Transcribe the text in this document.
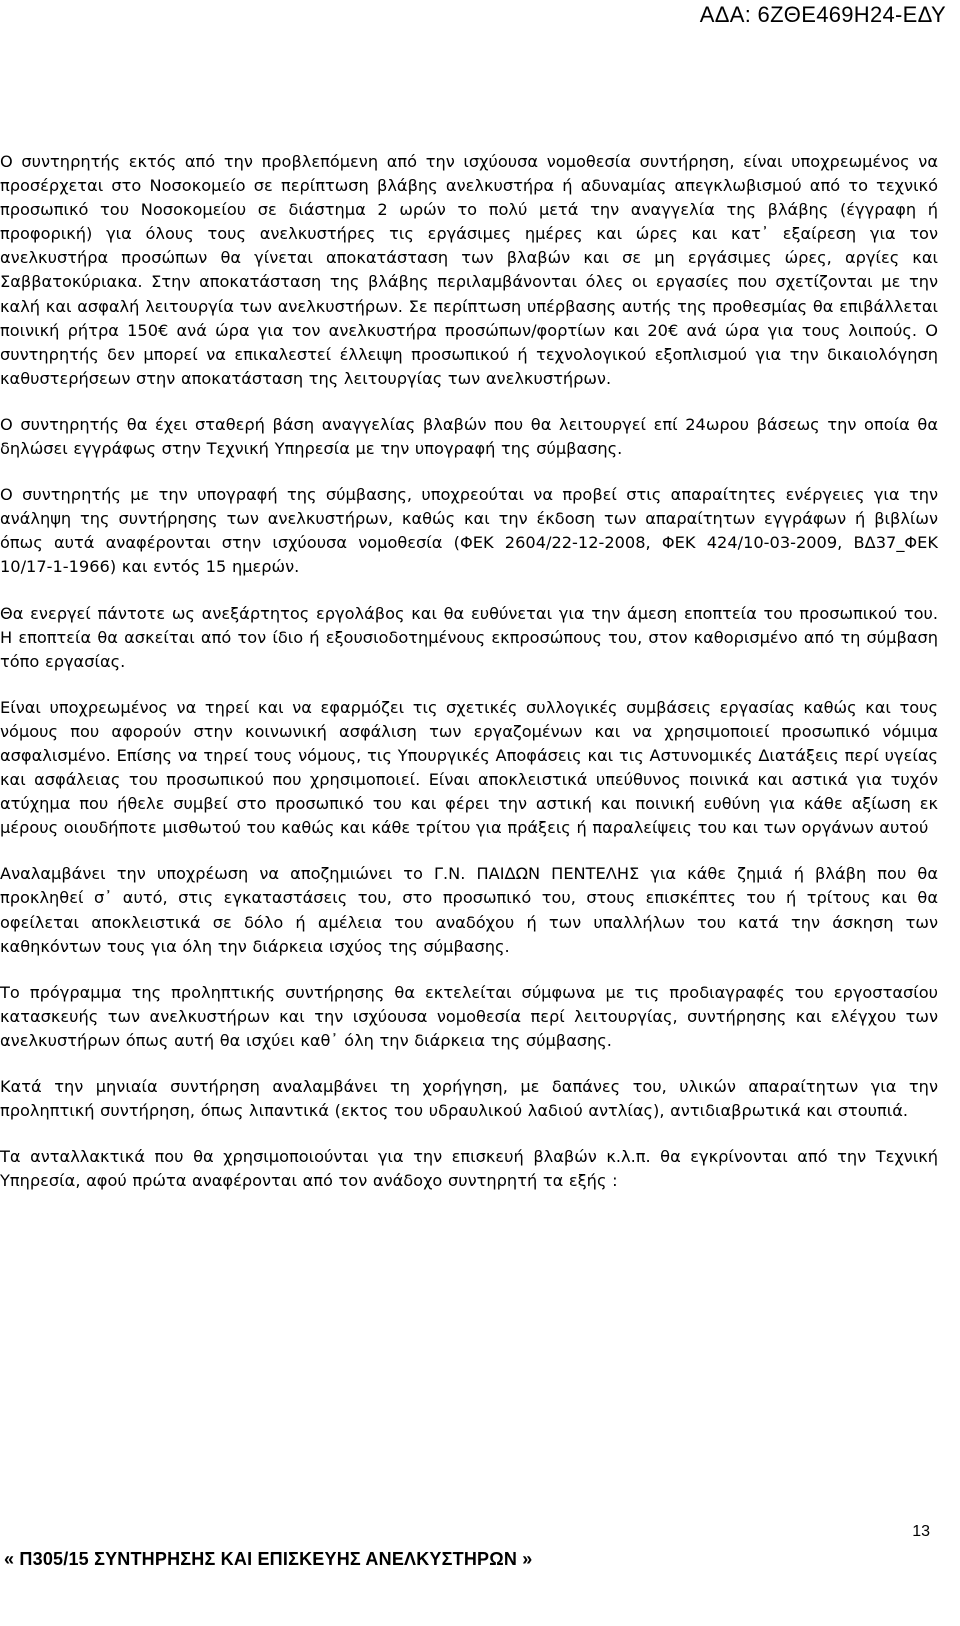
ΑΔΑ: 6ΖΘΕ469Η24-ΕΔΥ

Ο συντηρητής εκτός από την προβλεπόμενη από την ισχύουσα νομοθεσία συντήρηση, είναι υποχρεωμένος να προσέρχεται στο Νοσοκομείο σε περίπτωση βλάβης ανελκυστήρα ή αδυναμίας απεγκλωβισμού από το τεχνικό προσωπικό του Νοσοκομείου σε διάστημα 2 ωρών το πολύ μετά την αναγγελία της βλάβης (έγγραφη ή προφορική) για όλους τους ανελκυστήρες τις εργάσιμες ημέρες και ώρες και κατ᾽ εξαίρεση για τον ανελκυστήρα προσώπων θα γίνεται αποκατάσταση των βλαβών και σε μη εργάσιμες ώρες, αργίες και Σαββατοκύριακα. Στην αποκατάσταση της βλάβης περιλαμβάνονται όλες οι εργασίες που σχετίζονται με την καλή και ασφαλή λειτουργία των ανελκυστήρων. Σε περίπτωση υπέρβασης αυτής της προθεσμίας θα επιβάλλεται ποινική ρήτρα 150€ ανά ώρα για τον ανελκυστήρα προσώπων/φορτίων και 20€ ανά ώρα για τους λοιπούς. Ο συντηρητής δεν μπορεί να επικαλεστεί έλλειψη προσωπικού ή τεχνολογικού εξοπλισμού για την δικαιολόγηση καθυστερήσεων στην αποκατάσταση της λειτουργίας των ανελκυστήρων.

Ο συντηρητής θα έχει σταθερή βάση αναγγελίας βλαβών που θα λειτουργεί επί 24ωρου βάσεως την οποία θα δηλώσει εγγράφως στην Τεχνική Υπηρεσία με την υπογραφή της σύμβασης.

Ο συντηρητής με την υπογραφή της σύμβασης, υποχρεούται να προβεί στις απαραίτητες ενέργειες για την ανάληψη της συντήρησης των ανελκυστήρων, καθώς και την έκδοση των απαραίτητων εγγράφων ή βιβλίων όπως αυτά αναφέρονται στην ισχύουσα νομοθεσία (ΦΕΚ 2604/22-12-2008, ΦΕΚ 424/10-03-2009, ΒΔ37_ΦΕΚ 10/17-1-1966) και εντός 15 ημερών.

Θα ενεργεί πάντοτε ως ανεξάρτητος εργολάβος και θα ευθύνεται για την άμεση εποπτεία του προσωπικού του. Η εποπτεία θα ασκείται από τον ίδιο ή εξουσιοδοτημένους εκπροσώπους του, στον καθορισμένο από τη σύμβαση τόπο εργασίας.

Είναι υποχρεωμένος να τηρεί και να εφαρμόζει τις σχετικές συλλογικές συμβάσεις εργασίας καθώς και τους νόμους που αφορούν στην κοινωνική ασφάλιση των εργαζομένων και να χρησιμοποιεί προσωπικό νόμιμα ασφαλισμένο. Επίσης να τηρεί τους νόμους, τις Υπουργικές Αποφάσεις και τις Αστυνομικές Διατάξεις περί υγείας και ασφάλειας του προσωπικού που χρησιμοποιεί. Είναι αποκλειστικά υπεύθυνος ποινικά και αστικά για τυχόν ατύχημα που ήθελε συμβεί στο προσωπικό του και φέρει την αστική και ποινική ευθύνη για κάθε αξίωση εκ μέρους οιουδήποτε μισθωτού του καθώς και κάθε τρίτου για πράξεις ή παραλείψεις του και των οργάνων αυτού

Αναλαμβάνει την υποχρέωση να αποζημιώνει το Γ.Ν. ΠΑΙΔΩΝ ΠΕΝΤΕΛΗΣ για κάθε ζημιά ή βλάβη που θα προκληθεί σ᾽ αυτό, στις εγκαταστάσεις του, στο προσωπικό του, στους επισκέπτες του ή τρίτους και θα οφείλεται αποκλειστικά σε δόλο ή αμέλεια του αναδόχου ή των υπαλλήλων του κατά την άσκηση των καθηκόντων τους για όλη την διάρκεια ισχύος της σύμβασης.

Το πρόγραμμα της προληπτικής συντήρησης θα εκτελείται σύμφωνα με τις προδιαγραφές του εργοστασίου κατασκευής των ανελκυστήρων και την ισχύουσα νομοθεσία περί λειτουργίας, συντήρησης και ελέγχου των ανελκυστήρων όπως αυτή θα ισχύει καθ᾽ όλη την διάρκεια της σύμβασης.

Κατά την μηνιαία συντήρηση αναλαμβάνει τη χορήγηση, με δαπάνες του, υλικών απαραίτητων για την προληπτική συντήρηση, όπως λιπαντικά (εκτος του υδραυλικού λαδιού αντλίας), αντιδιαβρωτικά και στουπιά.

Τα ανταλλακτικά που θα χρησιμοποιούνται για την επισκευή βλαβών κ.λ.π. θα εγκρίνονται από την Τεχνική Υπηρεσία, αφού πρώτα αναφέρονται από τον ανάδοχο συντηρητή τα εξής :

13
« Π305/15 ΣΥΝΤΗΡΗΣΗΣ ΚΑΙ ΕΠΙΣΚΕΥΗΣ ΑΝΕΛΚΥΣΤΗΡΩΝ »
